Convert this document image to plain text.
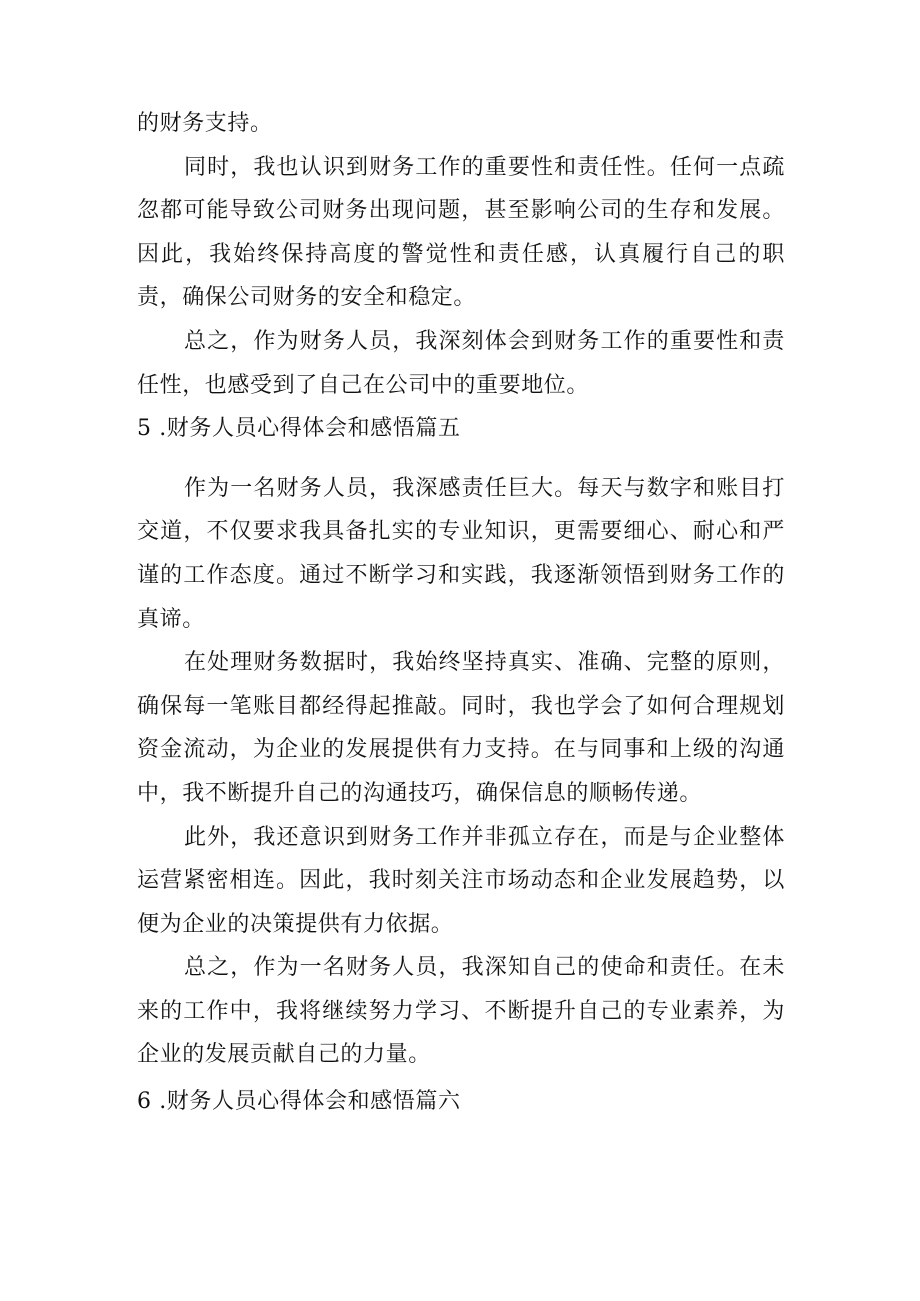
的财务支持。

同时，我也认识到财务工作的重要性和责任性。任何一点疏忽都可能导致公司财务出现问题，甚至影响公司的生存和发展。因此，我始终保持高度的警觉性和责任感，认真履行自己的职责，确保公司财务的安全和稳定。

总之，作为财务人员，我深刻体会到财务工作的重要性和责任性，也感受到了自己在公司中的重要地位。

5 .财务人员心得体会和感悟篇五

作为一名财务人员，我深感责任巨大。每天与数字和账目打交道，不仅要求我具备扎实的专业知识，更需要细心、耐心和严谨的工作态度。通过不断学习和实践，我逐渐领悟到财务工作的真谛。

在处理财务数据时，我始终坚持真实、准确、完整的原则，确保每一笔账目都经得起推敲。同时，我也学会了如何合理规划资金流动，为企业的发展提供有力支持。在与同事和上级的沟通中，我不断提升自己的沟通技巧，确保信息的顺畅传递。

此外，我还意识到财务工作并非孤立存在，而是与企业整体运营紧密相连。因此，我时刻关注市场动态和企业发展趋势，以便为企业的决策提供有力依据。

总之，作为一名财务人员，我深知自己的使命和责任。在未来的工作中，我将继续努力学习、不断提升自己的专业素养，为企业的发展贡献自己的力量。

6 .财务人员心得体会和感悟篇六
